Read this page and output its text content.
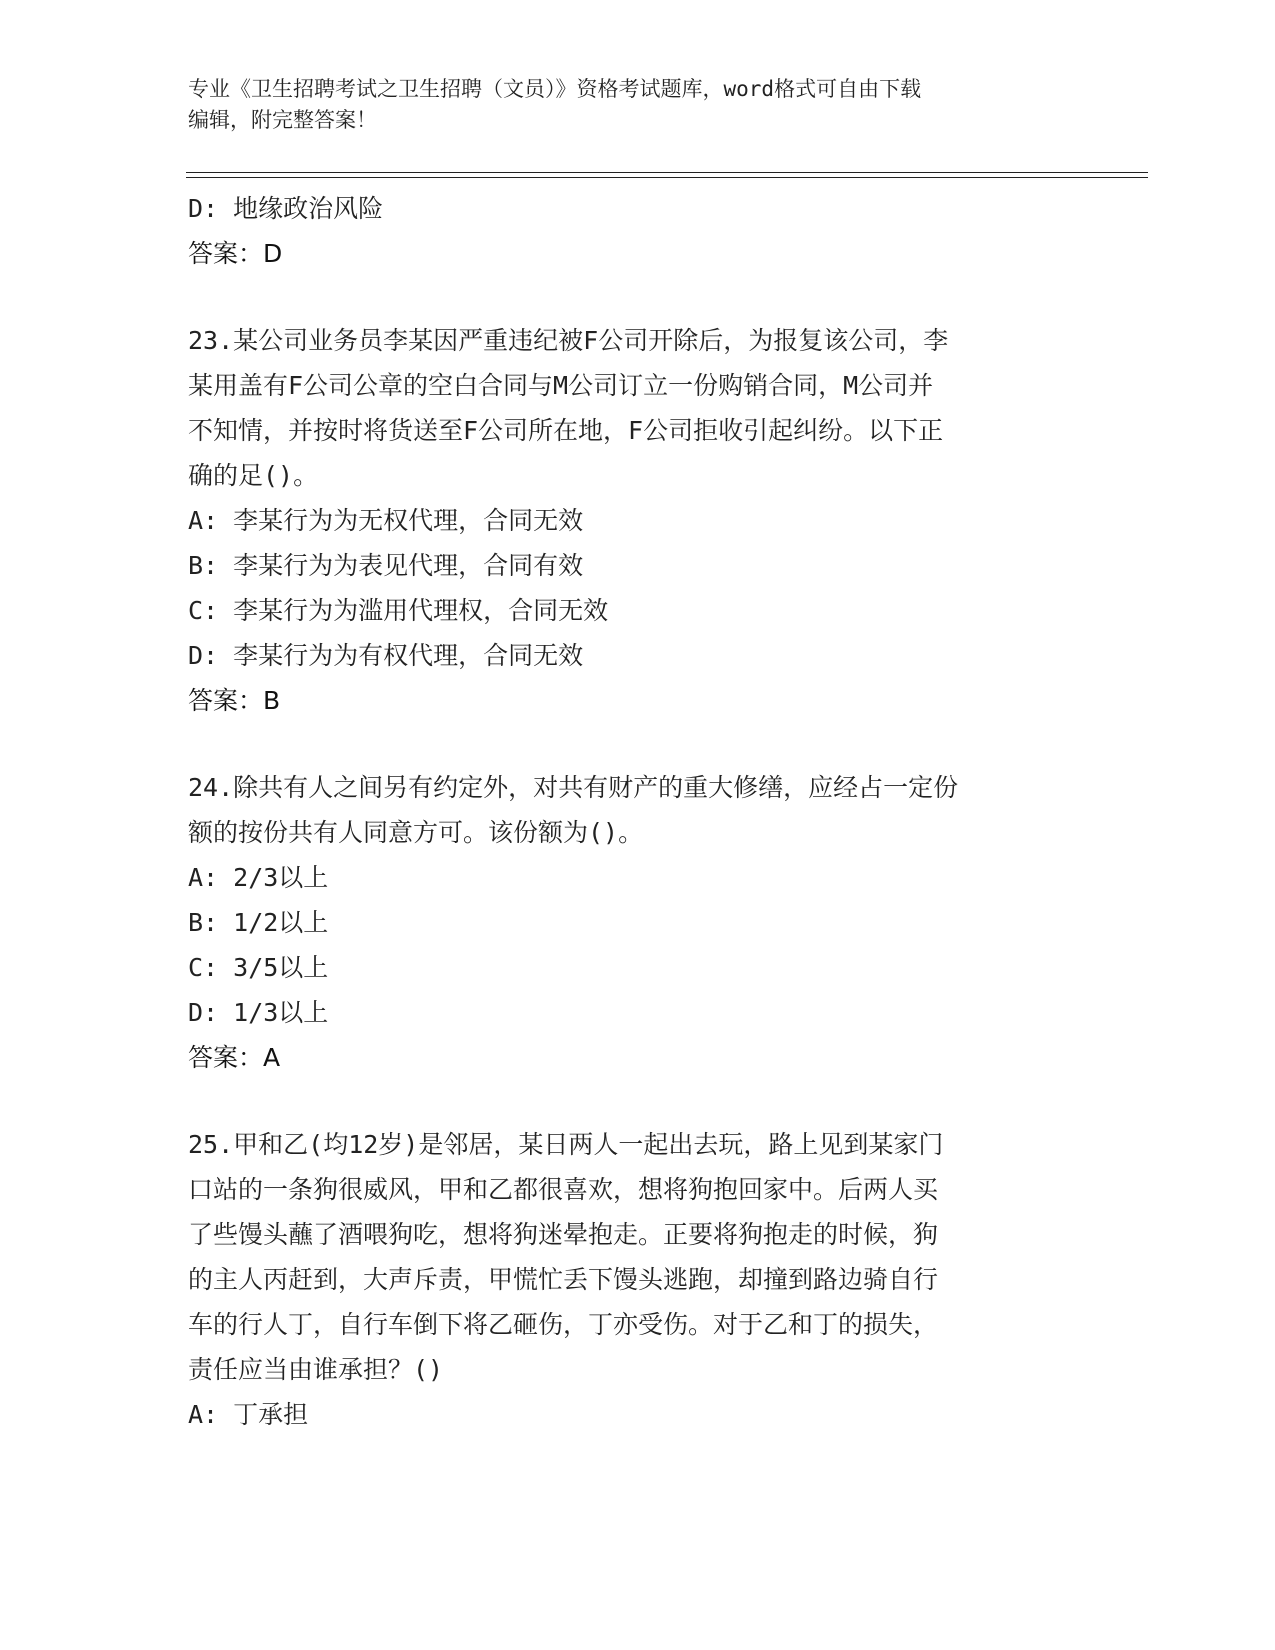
专业《卫生招聘考试之卫生招聘（文员）》资格考试题库，word格式可自由下载
编辑，附完整答案！
D: 地缘政治风险
答案：D
23.某公司业务员李某因严重违纪被F公司开除后，为报复该公司，李
某用盖有F公司公章的空白合同与M公司订立一份购销合同，M公司并
不知情，并按时将货送至F公司所在地，F公司拒收引起纠纷。以下正
确的足()。
A: 李某行为为无权代理，合同无效
B: 李某行为为表见代理，合同有效
C: 李某行为为滥用代理权，合同无效
D: 李某行为为有权代理，合同无效
答案：B
24.除共有人之间另有约定外，对共有财产的重大修缮，应经占一定份
额的按份共有人同意方可。该份额为()。
A: 2/3以上
B: 1/2以上
C: 3/5以上
D: 1/3以上
答案：A
25.甲和乙(均12岁)是邻居，某日两人一起出去玩，路上见到某家门
口站的一条狗很威风，甲和乙都很喜欢，想将狗抱回家中。后两人买
了些馒头蘸了酒喂狗吃，想将狗迷晕抱走。正要将狗抱走的时候，狗
的主人丙赶到，大声斥责，甲慌忙丢下馒头逃跑，却撞到路边骑自行
车的行人丁，自行车倒下将乙砸伤，丁亦受伤。对于乙和丁的损失，
责任应当由谁承担？()
A: 丁承担
